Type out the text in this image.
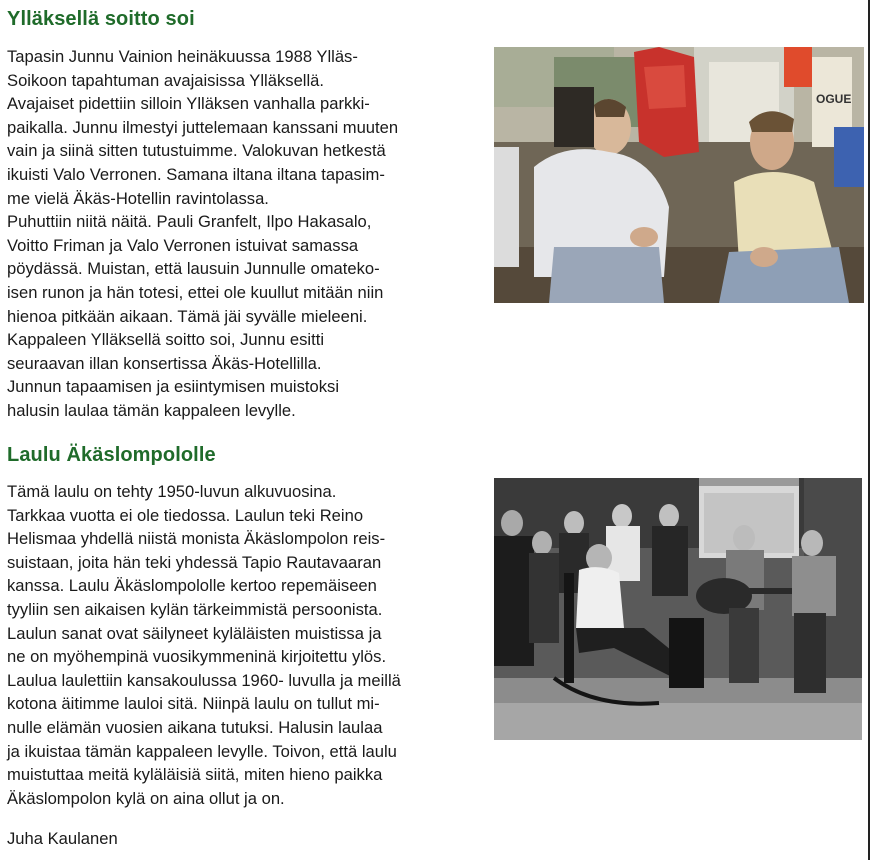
Ylläksellä soitto soi
Tapasin Junnu Vainion heinäkuussa 1988 Ylläs-
Soikoon tapahtuman avajaisissa Ylläksellä.
Avajaiset pidettiin silloin Ylläksen vanhalla parkki-
paikalla. Junnu ilmestyi juttelemaan kanssani muuten
vain ja siinä sitten tutustuimme. Valokuvan hetkestä
ikuisti Valo Verronen. Samana iltana iltana tapasim-
me vielä Äkäs-Hotellin ravintolassa.
Puhuttiin niitä näitä. Pauli Granfelt, Ilpo Hakasalo,
Voitto Friman ja Valo Verronen istuivat samassa
pöydässä. Muistan, että lausuin Junnulle omateko-
isen runon ja hän totesi, ettei ole kuullut mitään niin
hienoa pitkään aikaan. Tämä jäi syvälle mieleeni.
Kappaleen Ylläksellä soitto soi, Junnu esitti
seuraavan illan konsertissa Äkäs-Hotellilla.
Junnun tapaamisen ja esiintymisen muistoksi
halusin laulaa tämän kappaleen levylle.
OGUE
Laulu Äkäslompololle
Tämä laulu on tehty 1950-luvun alkuvuosina.
Tarkkaa vuotta ei ole tiedossa. Laulun teki Reino
Helismaa yhdellä niistä monista Äkäslompolon reis-
suistaan, joita hän teki yhdessä Tapio Rautavaaran
kanssa. Laulu Äkäslompololle kertoo repemäiseen
tyyliin sen aikaisen kylän tärkeimmistä persoonista.
Laulun sanat ovat säilyneet kyläläisten muistissa ja
ne on myöhempinä vuosikymmeninä kirjoitettu ylös.
Laulua laulettiin kansakoulussa 1960- luvulla ja meillä
kotona äitimme lauloi sitä. Niinpä laulu on tullut mi-
nulle elämän vuosien aikana tutuksi. Halusin laulaa
ja ikuistaa tämän kappaleen levylle. Toivon, että laulu
muistuttaa meitä kyläläisiä siitä, miten hieno paikka
Äkäslompolon kylä on aina ollut ja on.
Juha Kaulanen
